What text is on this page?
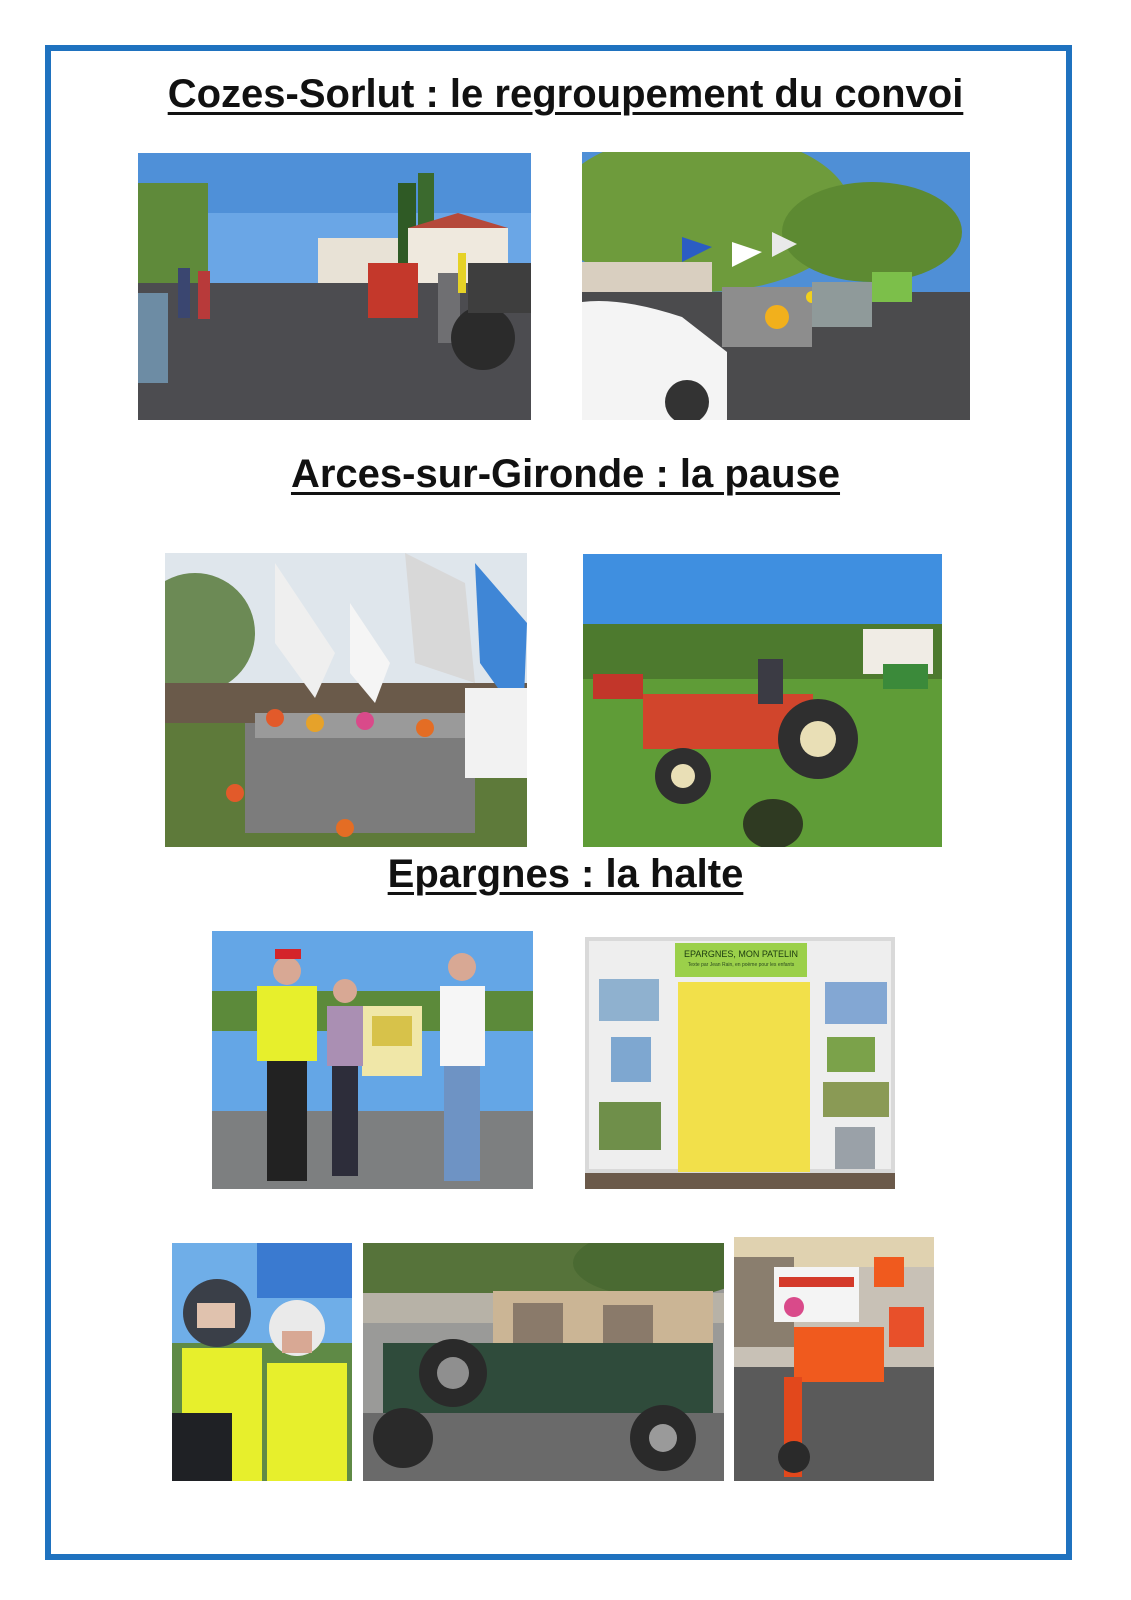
Cozes-Sorlut : le regroupement du convoi
Arces-sur-Gironde : la pause
Epargnes : la halte
EPARGNES, MON PATELIN
Texte par Jean Rain, en poème pour les enfants
